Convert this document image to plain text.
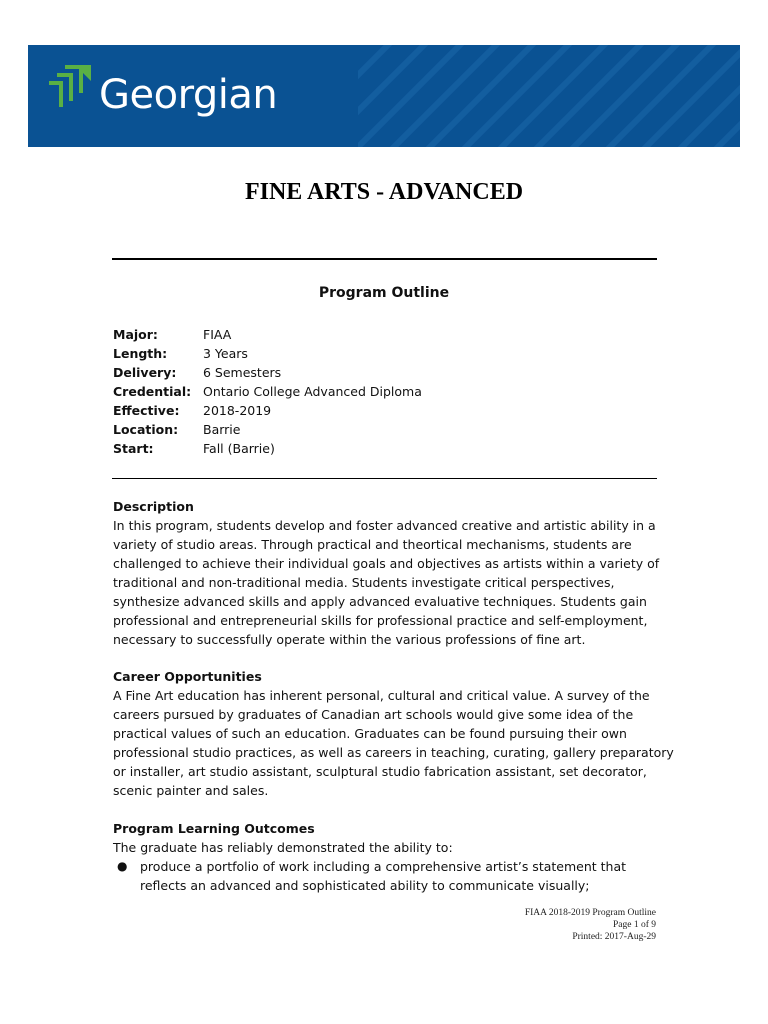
Georgian
FINE ARTS - ADVANCED
Program Outline
Major:	FIAA
Length:	3 Years
Delivery: 6 Semesters
Credential: Ontario College Advanced Diploma
Effective: 2018-2019
Location: Barrie
Start:	Fall (Barrie)
Description

In this program, students develop and foster advanced creative and artistic ability in a
variety of studio areas. Through practical and theortical mechanisms, students are
challenged to achieve their individual goals and objectives as artists within a variety of
traditional and non-traditional media. Students investigate critical perspectives,
synthesize advanced skills and apply advanced evaluative techniques. Students gain
professional and entrepreneurial skills for professional practice and self-employment,
necessary to successfully operate within the various professions of fine art.

Career Opportunities

A Fine Art education has inherent personal, cultural and critical value. A survey of the
careers pursued by graduates of Canadian art schools would give some idea of the
practical values of such an education. Graduates can be found pursuing their own
professional studio practices, as well as careers in teaching, curating, gallery preparatory
or installer, art studio assistant, sculptural studio fabrication assistant, set decorator,
scenic painter and sales.

Program Learning Outcomes

The graduate has reliably demonstrated the ability to:

● produce a portfolio of work including a comprehensive artist’s statement that
reflects an advanced and sophisticated ability to communicate visually;
FIAA 2018-2019 Program Outline
Page 1 of 9
Printed: 2017-Aug-29
